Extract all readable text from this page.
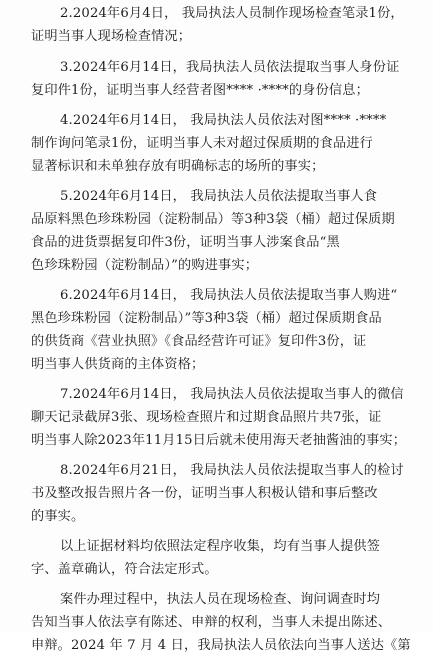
2.2024年6月4日， 我局执法人员制作现场检查笔录1份，
证明当事人现场检查情况；
3.2024年6月14日，我局执法人员依法提取当事人身份证
复印件1份，证明当事人经营者图**** ·****的身份信息；
4.2024年6月14日， 我局执法人员依法对图**** ·****
制作询问笔录1份，证明当事人未对超过保质期的食品进行
显著标识和未单独存放有明确标志的场所的事实；
5.2024年6月14日， 我局执法人员依法提取当事人食
品原料黑色珍珠粉园（淀粉制品）等3种3袋（桶）超过保质期
食品的进货票据复印件3份，证明当事人涉案食品“黑
色珍珠粉园（淀粉制品）”的购进事实；
6.2024年6月14日， 我局执法人员依法提取当事人购进“
黑色珍珠粉园（淀粉制品）”等3种3袋（桶）超过保质期食品
的供货商《营业执照》《食品经营许可证》复印件3份，证
明当事人供货商的主体资格；
7.2024年6月14日， 我局执法人员依法提取当事人的微信
聊天记录截屏3张、现场检查照片和过期食品照片共7张，证
明当事人除2023年11月15日后就未使用海天老抽酱油的事实；
8.2024年6月21日， 我局执法人员依法提取当事人的检讨
书及整改报告照片各一份，证明当事人积极认错和事后整改
的事实。
以上证据材料均依照法定程序收集，均有当事人提供签
字、盖章确认，符合法定形式。
案件办理过程中，执法人员在现场检查、询问调查时均
告知当事人依法享有陈述、申辩的权利，当事人未提出陈述、
申辩。2024 年 7 月 4 日，我局执法人员依法向当事人送达《第
